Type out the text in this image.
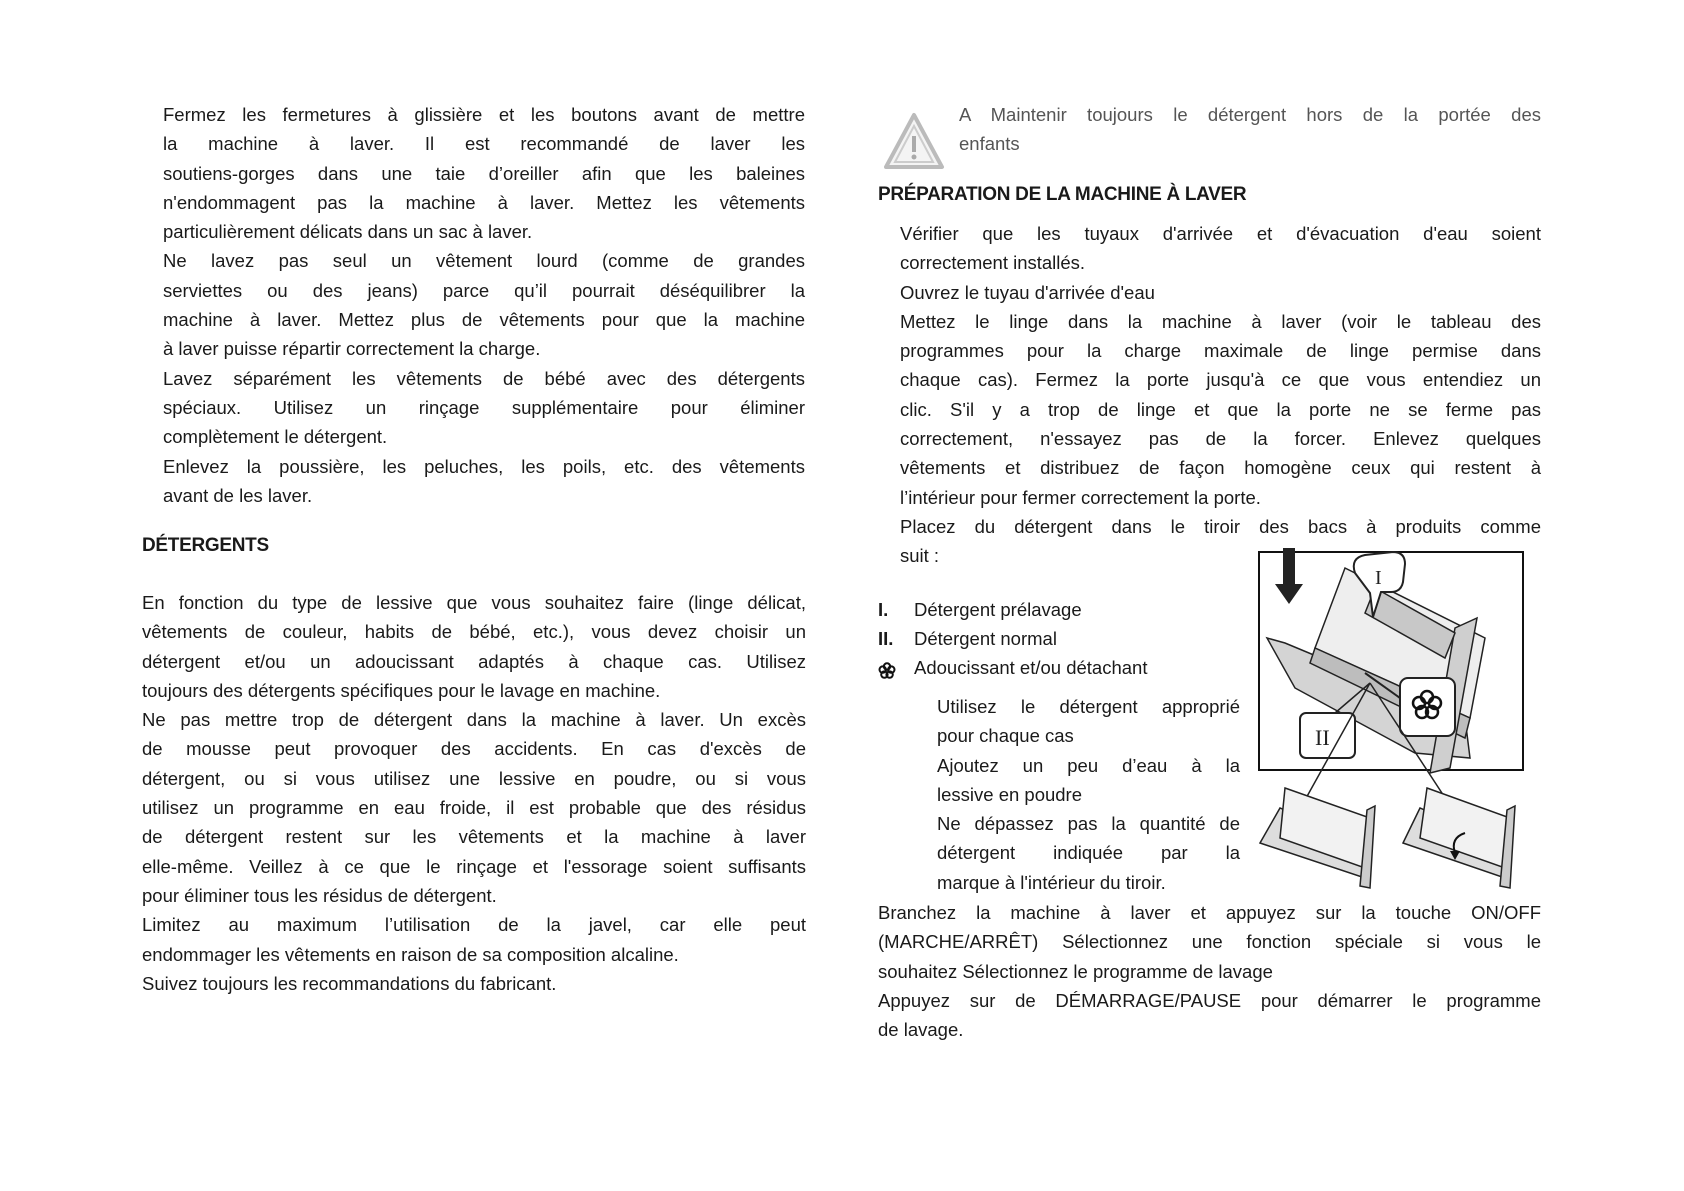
Fermez les fermetures à glissière et les boutons avant de mettre
la machine à laver. Il est recommandé de laver les
soutiens-gorges dans une taie d’oreiller afin que les baleines
n'endommagent pas la machine à laver. Mettez les vêtements
particulièrement délicats dans un sac à laver.
Ne lavez pas seul un vêtement lourd (comme de grandes
serviettes ou des jeans) parce qu’il pourrait déséquilibrer la
machine à laver. Mettez plus de vêtements pour que la machine
à laver puisse répartir correctement la charge.
Lavez séparément les vêtements de bébé avec des détergents
spéciaux. Utilisez un rinçage supplémentaire pour éliminer
complètement le détergent.
Enlevez la poussière, les peluches, les poils, etc. des vêtements
avant de les laver.
DÉTERGENTS
En fonction du type de lessive que vous souhaitez faire (linge délicat,
vêtements de couleur, habits de bébé, etc.), vous devez choisir un
détergent et/ou un adoucissant adaptés à chaque cas. Utilisez
toujours des détergents spécifiques pour le lavage en machine.
Ne pas mettre trop de détergent dans la machine à laver. Un excès
de mousse peut provoquer des accidents. En cas d'excès de
détergent, ou si vous utilisez une lessive en poudre, ou si vous
utilisez un programme en eau froide, il est probable que des résidus
de détergent restent sur les vêtements et la machine à laver
elle-même. Veillez à ce que le rinçage et l'essorage soient suffisants
pour éliminer tous les résidus de détergent.
Limitez au maximum l’utilisation de la javel, car elle peut
endommager les vêtements en raison de sa composition alcaline.
Suivez toujours les recommandations du fabricant.
A Maintenir toujours le détergent hors de la portée des
enfants
PRÉPARATION DE LA MACHINE À LAVER
Vérifier que les tuyaux d'arrivée et d'évacuation d'eau soient
correctement installés.
Ouvrez le tuyau d'arrivée d'eau
Mettez le linge dans la machine à laver (voir le tableau des
programmes pour la charge maximale de linge permise dans
chaque cas). Fermez la porte jusqu'à ce que vous entendiez un
clic. S'il y a trop de linge et que la porte ne se ferme pas
correctement, n'essayez pas de la forcer. Enlevez quelques
vêtements et distribuez de façon homogène ceux qui restent à
l’intérieur pour fermer correctement la porte.
Placez du détergent dans le tiroir des bacs à produits comme
suit :
I. Détergent prélavage
II. Détergent normal
Adoucissant et/ou détachant
Utilisez le détergent approprié
pour chaque cas
Ajoutez un peu d’eau à la
lessive en poudre
Ne dépassez pas la quantité de
détergent indiquée par la
marque à l'intérieur du tiroir.
I
II
Branchez la machine à laver et appuyez sur la touche ON/OFF
(MARCHE/ARRÊT) Sélectionnez une fonction spéciale si vous le
souhaitez Sélectionnez le programme de lavage
Appuyez sur de DÉMARRAGE/PAUSE pour démarrer le programme
de lavage.
